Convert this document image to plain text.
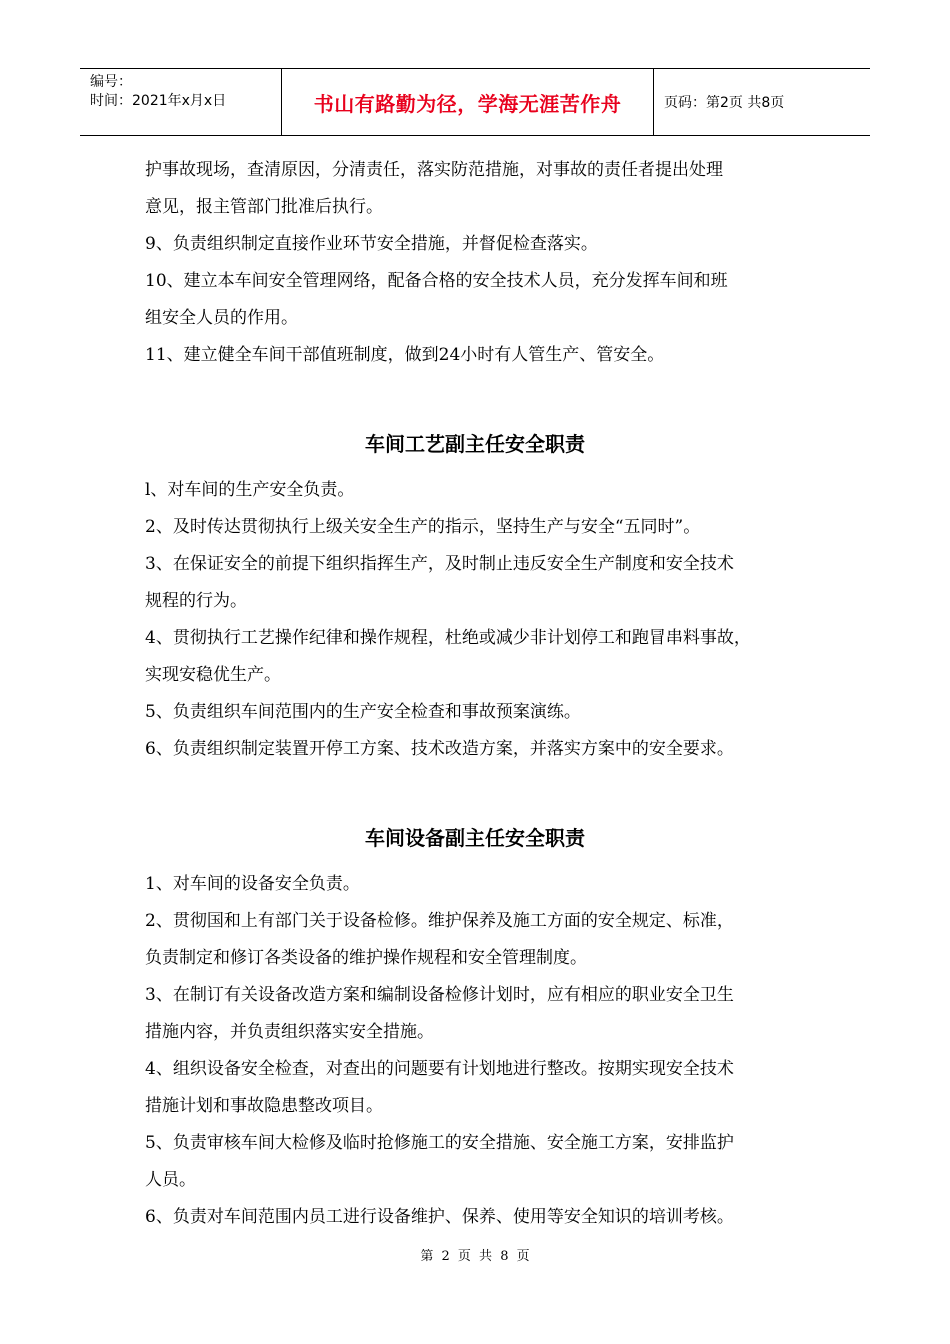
编号：
时间：2021年x月x日	书山有路勤为径，学海无涯苦作舟	页码：第2页 共8页
护事故现场，查清原因，分清责任，落实防范措施，对事故的责任者提出处理
意见，报主管部门批准后执行。
9、负责组织制定直接作业环节安全措施，并督促检查落实。
10、建立本车间安全管理网络，配备合格的安全技术人员，充分发挥车间和班
组安全人员的作用。
11、建立健全车间干部值班制度，做到24小时有人管生产、管安全。
车间工艺副主任安全职责
l、对车间的生产安全负责。
2、及时传达贯彻执行上级关安全生产的指示，坚持生产与安全“五同时”。
3、在保证安全的前提下组织指挥生产，及时制止违反安全生产制度和安全技术
规程的行为。
4、贯彻执行工艺操作纪律和操作规程，杜绝或减少非计划停工和跑冒串料事故，
实现安稳优生产。
5、负责组织车间范围内的生产安全检查和事故预案演练。
6、负责组织制定装置开停工方案、技术改造方案，并落实方案中的安全要求。
车间设备副主任安全职责
1、对车间的设备安全负责。
2、贯彻国和上有部门关于设备检修。维护保养及施工方面的安全规定、标准，
负责制定和修订各类设备的维护操作规程和安全管理制度。
3、在制订有关设备改造方案和编制设备检修计划时，应有相应的职业安全卫生
措施内容，并负责组织落实安全措施。
4、组织设备安全检查，对查出的问题要有计划地进行整改。按期实现安全技术
措施计划和事故隐患整改项目。
5、负责审核车间大检修及临时抢修施工的安全措施、安全施工方案，安排监护
人员。
6、负责对车间范围内员工进行设备维护、保养、使用等安全知识的培训考核。
第 2 页 共 8 页
